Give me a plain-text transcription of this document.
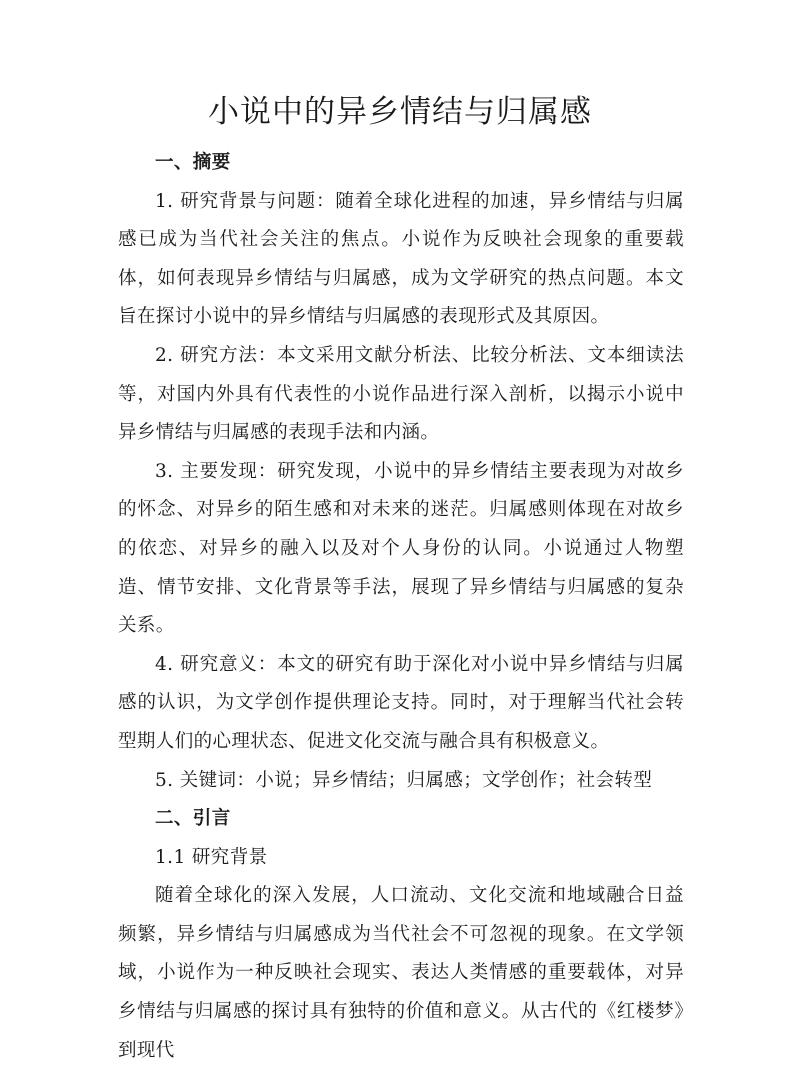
小说中的异乡情结与归属感
一、摘要

1. 研究背景与问题：随着全球化进程的加速，异乡情结与归属感已成为当代社会关注的焦点。小说作为反映社会现象的重要载体，如何表现异乡情结与归属感，成为文学研究的热点问题。本文旨在探讨小说中的异乡情结与归属感的表现形式及其原因。

2. 研究方法：本文采用文献分析法、比较分析法、文本细读法等，对国内外具有代表性的小说作品进行深入剖析，以揭示小说中异乡情结与归属感的表现手法和内涵。

3. 主要发现：研究发现，小说中的异乡情结主要表现为对故乡的怀念、对异乡的陌生感和对未来的迷茫。归属感则体现在对故乡的依恋、对异乡的融入以及对个人身份的认同。小说通过人物塑造、情节安排、文化背景等手法，展现了异乡情结与归属感的复杂关系。

4. 研究意义：本文的研究有助于深化对小说中异乡情结与归属感的认识，为文学创作提供理论支持。同时，对于理解当代社会转型期人们的心理状态、促进文化交流与融合具有积极意义。

5. 关键词：小说；异乡情结；归属感；文学创作；社会转型

二、引言

1.1 研究背景

随着全球化的深入发展，人口流动、文化交流和地域融合日益频繁，异乡情结与归属感成为当代社会不可忽视的现象。在文学领域，小说作为一种反映社会现实、表达人类情感的重要载体，对异乡情结与归属感的探讨具有独特的价值和意义。从古代的《红楼梦》到现代
